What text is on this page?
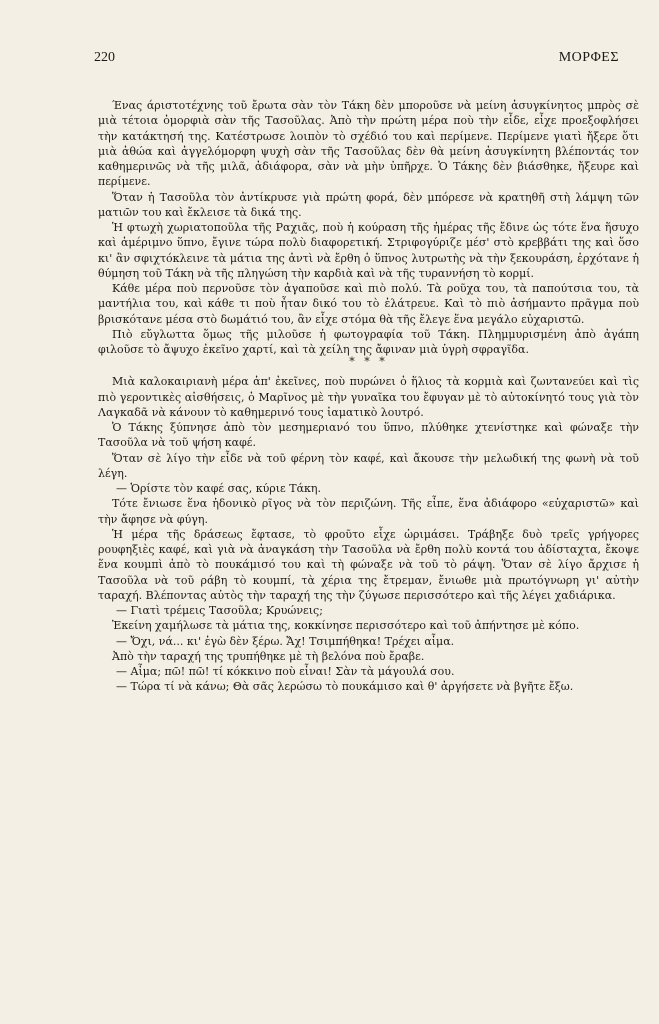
220	ΜΟΡΦΕΣ

Ένας άριστοτέχνης τοῦ ἔρωτα σὰν τὸν Τάκη δὲν μποροῦσε νὰ μείνη ἀσυγκίνητος μπρὸς σὲ μιὰ τέτοια ὀμορφιὰ σὰν τῆς Τασοῦλας. Ἀπὸ τὴν πρώτη μέρα ποὺ τὴν εἶδε, εἶχε προεξοφλήσει τὴν κατάκτησή της. Κατέστρωσε λοιπὸν τὸ σχέδιό του καὶ περίμενε. Περίμενε γιατὶ ἤξερε ὅτι μιὰ ἁθώα καὶ ἀγγελόμορφη ψυχὴ σὰν τῆς Τασοῦλας δὲν θὰ μείνη ἀσυγκίνητη βλέποντάς τον καθημερινῶς νὰ τῆς μιλᾶ, ἀδιάφορα, σὰν νὰ μὴν ὑπῆρχε. Ὁ Τάκης δὲν βιάσθηκε, ἤξευρε καὶ περίμενε.

Ὅταν ἡ Τασοῦλα τὸν ἀντίκρυσε γιὰ πρώτη φορά, δὲν μπόρεσε νὰ κρατηθῆ στὴ λάμψη τῶν ματιῶν του καὶ ἔκλεισε τὰ δικά της.

Ἡ φτωχὴ χωριατοποῦλα τῆς Ραχιᾶς, ποὺ ἡ κούραση τῆς ἡμέρας τῆς ἔδινε ὡς τότε ἕνα ἥσυχο καὶ ἀμέριμνο ὕπνο, ἔγινε τώρα πολὺ διαφορετική. Στριφογύριζε μέσ' στὸ κρεββάτι της καὶ ὅσο κι' ἂν σφιχτόκλεινε τὰ μάτια της ἀντὶ νὰ ἔρθη ὁ ὕπνος λυτρωτὴς νὰ τὴν ξεκουράση, ἐρχότανε ἡ θύμηση τοῦ Τάκη νὰ τῆς πληγώση τὴν καρδιὰ καὶ νὰ τῆς τυραννήση τὸ κορμί.

Κάθε μέρα ποὺ περνοῦσε τὸν ἀγαποῦσε καὶ πιὸ πολύ. Τὰ ροῦχα του, τὰ παπούτσια του, τὰ μαντήλια του, καὶ κάθε τι ποὺ ἦταν δικό του τὸ ἐλάτρευε. Καὶ τὸ πιὸ ἀσήμαντο πρᾶγμα ποὺ βρισκότανε μέσα στὸ δωμάτιό του, ἂν εἶχε στόμα θὰ τῆς ἔλεγε ἕνα μεγάλο εὐχαριστῶ.

Πιὸ εὔγλωττα ὅμως τῆς μιλοῦσε ἡ φωτογραφία τοῦ Τάκη. Πλημμυρισμένη ἀπὸ ἀγάπη φιλοῦσε τὸ ἄψυχο ἐκεῖνο χαρτί, καὶ τὰ χείλη της ἄφιναν μιὰ ὑγρὴ σφραγῖδα.

* * *

Μιὰ καλοκαιριανὴ μέρα ἀπ' ἐκεῖνες, ποὺ πυρώνει ὁ ἥλιος τὰ κορμιὰ καὶ ζωντανεύει καὶ τὶς πιὸ γεροντικὲς αἰσθήσεις, ὁ Μαρῖνος μὲ τὴν γυναῖκα του ἔφυγαν μὲ τὸ αὐτοκίνητό τους γιὰ τὸν Λαγκαδᾶ νὰ κάνουν τὸ καθημερινό τους ἰαματικὸ λουτρό.

Ὁ Τάκης ξύπνησε ἀπὸ τὸν μεσημεριανό του ὕπνο, πλύθηκε χτενίστηκε καὶ φώναξε τὴν Τασοῦλα νὰ τοῦ ψήση καφέ.

Ὅταν σὲ λίγο τὴν εἶδε νὰ τοῦ φέρνη τὸν καφέ, καὶ ἄκουσε τὴν μελωδική της φωνὴ νὰ τοῦ λέγη.

— Ὁρίστε τὸν καφέ σας, κύριε Τάκη.

Τότε ἔνιωσε ἕνα ἡδονικὸ ρῖγος νὰ τὸν περιζώνη. Τῆς εἶπε, ἕνα ἀδιάφορο «εὐχαριστῶ» καὶ τὴν ἄφησε νὰ φύγη.

Ἡ μέρα τῆς δράσεως ἔφτασε, τὸ φροῦτο εἶχε ὡριμάσει. Τράβηξε δυὸ τρεῖς γρήγορες ρουφηξιὲς καφέ, καὶ γιὰ νὰ ἀναγκάση τὴν Τασοῦλα νὰ ἔρθη πολὺ κοντά του ἀδίσταχτα, ἔκοψε ἕνα κουμπὶ ἀπὸ τὸ πουκάμισό του καὶ τὴ φώναξε νὰ τοῦ τὸ ράψη. Ὅταν σὲ λίγο ἄρχισε ἡ Τασοῦλα νὰ τοῦ ράβη τὸ κουμπί, τὰ χέρια της ἔτρεμαν, ἔνιωθε μιὰ πρωτόγνωρη γι' αὐτὴν ταραχή. Βλέποντας αὐτὸς τὴν ταραχή της τὴν ζύγωσε περισσότερο καὶ τῆς λέγει χαδιάρικα.

— Γιατὶ τρέμεις Τασοῦλα; Κρυώνεις;

Ἐκείνη χαμήλωσε τὰ μάτια της, κοκκίνησε περισσότερο καὶ τοῦ ἀπήντησε μὲ κόπο.

— Ὄχι, νά... κι' ἐγὼ δὲν ξέρω. Ἄχ! Τσιμπήθηκα! Τρέχει αἷμα.

Ἀπὸ τὴν ταραχή της τρυπήθηκε μὲ τὴ βελόνα ποὺ ἔραβε.

— Αἷμα; πῶ! πῶ! τί κόκκινο ποὺ εἶναι! Σὰν τὰ μάγουλά σου.

— Τώρα τί νὰ κάνω; Θὰ σᾶς λερώσω τὸ πουκάμισο καὶ θ' ἀργήσετε νὰ βγῆτε ἔξω.
